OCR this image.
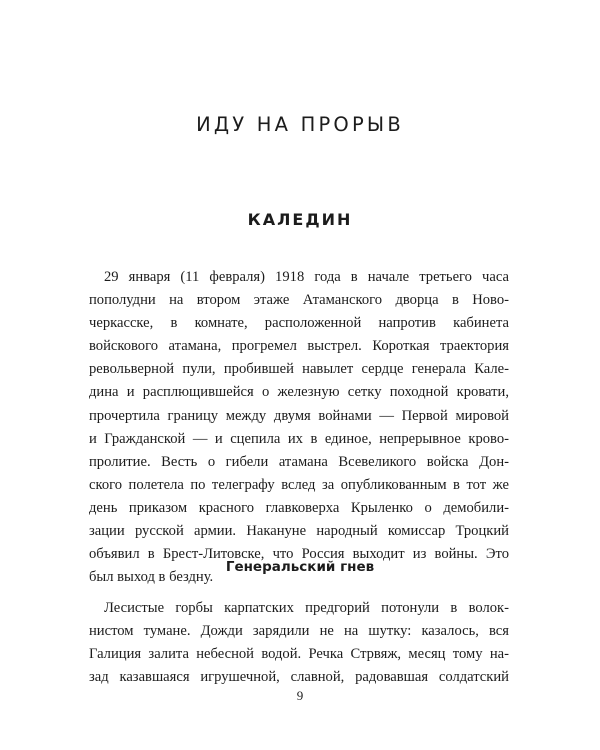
ИДУ НА ПРОРЫВ
КАЛЕДИН
29 января (11 февраля) 1918 года в начале третьего часа
пополудни на втором этаже Атаманского дворца в Ново-
черкасске, в комнате, расположенной напротив кабинета
войскового атамана, прогремел выстрел. Короткая траектория
револьверной пули, пробившей навылет сердце генерала Кале-
дина и расплющившейся о железную сетку походной кровати,
прочертила границу между двумя войнами — Первой мировой
и Гражданской — и сцепила их в единое, непрерывное крово-
пролитие. Весть о гибели атамана Всевеликого войска Дон-
ского полетела по телеграфу вслед за опубликованным в тот же
день приказом красного главковерха Крыленко о демобили-
зации русской армии. Накануне народный комиссар Троцкий
объявил в Брест-Литовске, что Россия выходит из войны. Это
был выход в бездну.
Генеральский гнев
Лесистые горбы карпатских предгорий потонули в волок-
нистом тумане. Дожди зарядили не на шутку: казалось, вся
Галиция залита небесной водой. Речка Стрвяж, месяц тому на-
зад казавшаяся игрушечной, славной, радовавшая солдатский
9
